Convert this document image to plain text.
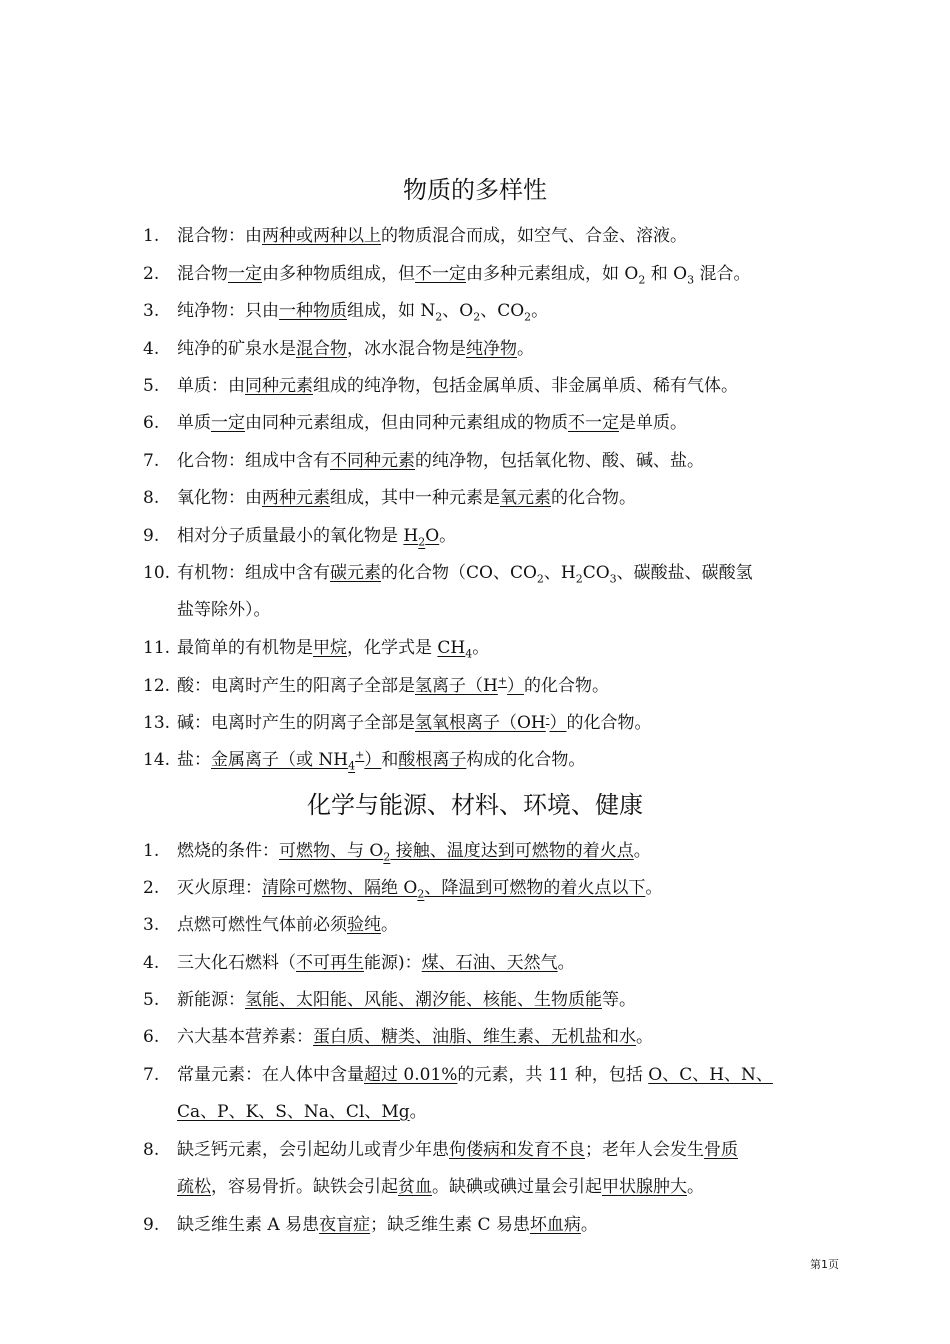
物质的多样性
1. 混合物：由两种或两种以上的物质混合而成，如空气、合金、溶液。
2. 混合物一定由多种物质组成，但不一定由多种元素组成，如 $O_2$ 和 $O_3$ 混合。
3. 纯净物：只由一种物质组成，如 $N_2$、$O_2$、$CO_2$。
4. 纯净的矿泉水是混合物，冰水混合物是纯净物。
5. 单质：由同种元素组成的纯净物，包括金属单质、非金属单质、稀有气体。
6. 单质一定由同种元素组成，但由同种元素组成的物质不一定是单质。
7. 化合物：组成中含有不同种元素的纯净物，包括氧化物、酸、碱、盐。
8. 氧化物：由两种元素组成，其中一种元素是氧元素的化合物。
9. 相对分子质量最小的氧化物是 $H_2O$。
10. 有机物：组成中含有碳元素的化合物（CO、$CO_2$、$H_2CO_3$、碳酸盐、碳酸氢
盐等除外）。
11. 最简单的有机物是甲烷，化学式是 $CH_4$。
12. 酸：电离时产生的阳离子全部是氢离子（H+）的化合物。
13. 碱：电离时产生的阴离子全部是氢氧根离子（OH-）的化合物。
14. 盐：金属离子（或 $NH_4^+$）和酸根离子构成的化合物。
化学与能源、材料、环境、健康
1. 燃烧的条件：可燃物、与 $O_2$ 接触、温度达到可燃物的着火点。
2. 灭火原理：清除可燃物、隔绝 $O_2$、降温到可燃物的着火点以下。
3. 点燃可燃性气体前必须验纯。
4. 三大化石燃料（不可再生能源)：煤、石油、天然气。
5. 新能源：氢能、太阳能、风能、潮汐能、核能、生物质能等。
6. 六大基本营养素：蛋白质、糖类、油脂、维生素、无机盐和水。
7. 常量元素：在人体中含量超过 0.01%的元素，共 11 种，包括 O、C、H、N、
Ca、P、K、S、Na、Cl、Mg。
8. 缺乏钙元素，会引起幼儿或青少年患佝偻病和发育不良；老年人会发生骨质
疏松，容易骨折。缺铁会引起贫血。缺碘或碘过量会引起甲状腺肿大。
9. 缺乏维生素 A 易患夜盲症；缺乏维生素 C 易患坏血病。
第1页
